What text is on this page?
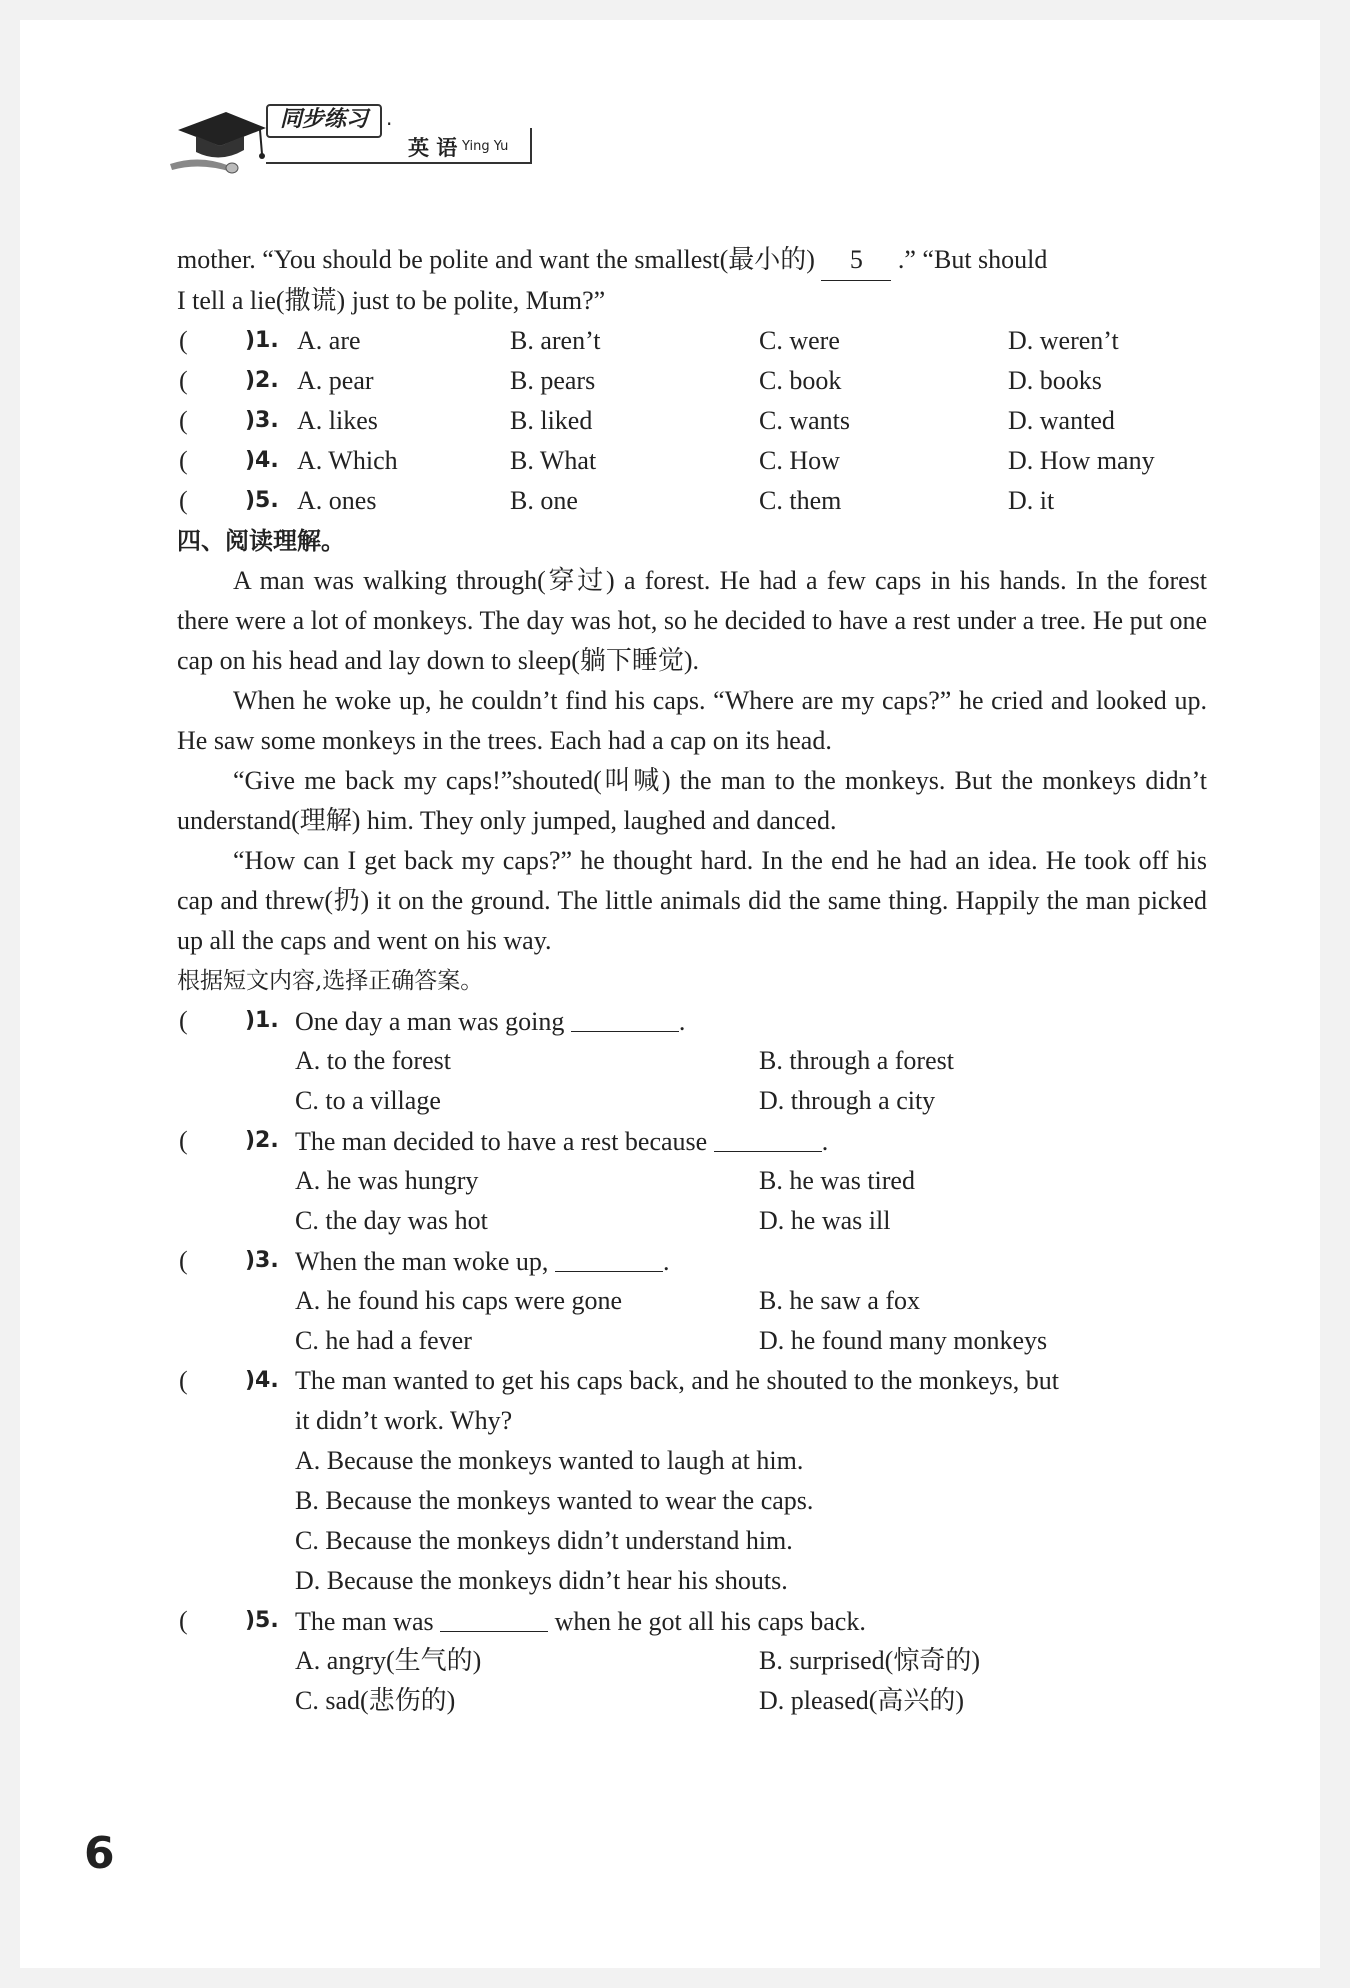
同步练习 ·
英 语 Ying Yu

mother. “You should be polite and want the smallest(最小的) 5 .” “But should

I tell a lie(撒谎) just to be polite, Mum?”

(	)1. A. are	B. aren’t	C. were	D. weren’t
(	)2. A. pear	B. pears	C. book	D. books
(	)3. A. likes	B. liked	C. wants	D. wanted
(	)4. A. Which	B. What	C. How	D. How many
(	)5. A. ones	B. one	C. them	D. it

四、阅读理解。

A man was walking through(穿过) a forest. He had a few caps in his hands. In the forest there were a lot of monkeys. The day was hot, so he decided to have a rest under a tree. He put one cap on his head and lay down to sleep(躺下睡觉).

When he woke up, he couldn’t find his caps. “Where are my caps?” he cried and looked up. He saw some monkeys in the trees. Each had a cap on its head.

“Give me back my caps!”shouted(叫喊) the man to the monkeys. But the monkeys didn’t understand(理解) him. They only jumped, laughed and danced.

“How can I get back my caps?” he thought hard. In the end he had an idea. He took off his cap and threw(扔) it on the ground. The little animals did the same thing. Happily the man picked up all the caps and went on his way.

根据短文内容,选择正确答案。

(	)1. One day a man was going	.
A. to the forest	B. through a forest
C. to a village	D. through a city
(	)2. The man decided to have a rest because	.
A. he was hungry	B. he was tired
C. the day was hot	D. he was ill
(	)3. When the man woke up,	.
A. he found his caps were gone	B. he saw a fox
C. he had a fever	D. he found many monkeys
(	)4. The man wanted to get his caps back, and he shouted to the monkeys, but
it didn’t work. Why?
A. Because the monkeys wanted to laugh at him.
B. Because the monkeys wanted to wear the caps.
C. Because the monkeys didn’t understand him.
D. Because the monkeys didn’t hear his shouts.
(	)5. The man was	when he got all his caps back.
A. angry(生气的)	B. surprised(惊奇的)
C. sad(悲伤的)	D. pleased(高兴的)
6
